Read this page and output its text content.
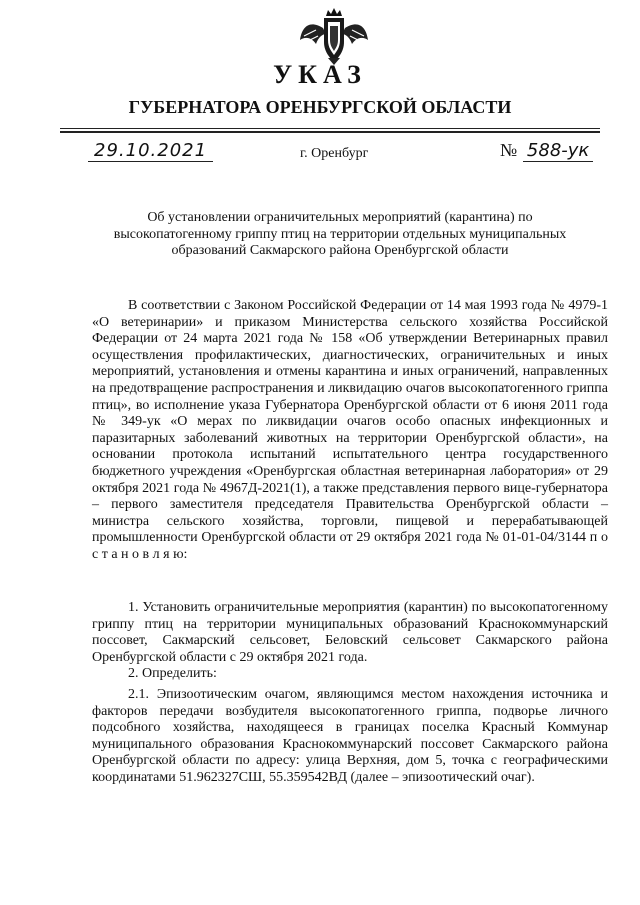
УКАЗ
ГУБЕРНАТОРА ОРЕНБУРГСКОЙ ОБЛАСТИ
29.10.2021	г. Оренбург	№ 588-ук
Об установлении ограничительных мероприятий (карантина) по высокопатогенному гриппу птиц на территории отдельных муниципальных образований Сакмарского района Оренбургской области

В соответствии с Законом Российской Федерации от 14 мая 1993 года № 4979-1 «О ветеринарии» и приказом Министерства сельского хозяйства Российской Федерации от 24 марта 2021 года № 158 «Об утверждении Ветеринарных правил осуществления профилактических, диагностических, ограничительных и иных мероприятий, установления и отмены карантина и иных ограничений, направленных на предотвращение распространения и ликвидацию очагов высокопатогенного гриппа птиц», во исполнение указа Губернатора Оренбургской области от 6 июня 2011 года № 349-ук «О мерах по ликвидации очагов особо опасных инфекционных и паразитарных заболеваний животных на территории Оренбургской области», на основании протокола испытаний испытательного центра государственного бюджетного учреждения «Оренбургская областная ветеринарная лаборатория» от 29 октября 2021 года № 4967Д-2021(1), а также представления первого вице-губернатора – первого заместителя председателя Правительства Оренбургской области – министра сельского хозяйства, торговли, пищевой и перерабатывающей промышленности Оренбургской области от 29 октября 2021 года № 01-01-04/3144 п о с т а н о в л я ю:

1. Установить ограничительные мероприятия (карантин) по высокопатогенному гриппу птиц на территории муниципальных образований Краснокоммунарский поссовет, Сакмарский сельсовет, Беловский сельсовет Сакмарского района Оренбургской области с 29 октября 2021 года.

2. Определить:

2.1. Эпизоотическим очагом, являющимся местом нахождения источника и факторов передачи возбудителя высокопатогенного гриппа, подворье личного подсобного хозяйства, находящееся в границах поселка Красный Коммунар муниципального образования Краснокоммунарский поссовет Сакмарского района Оренбургской области по адресу: улица Верхняя, дом 5, точка с географическими координатами 51.962327СШ, 55.359542ВД (далее – эпизоотический очаг).
